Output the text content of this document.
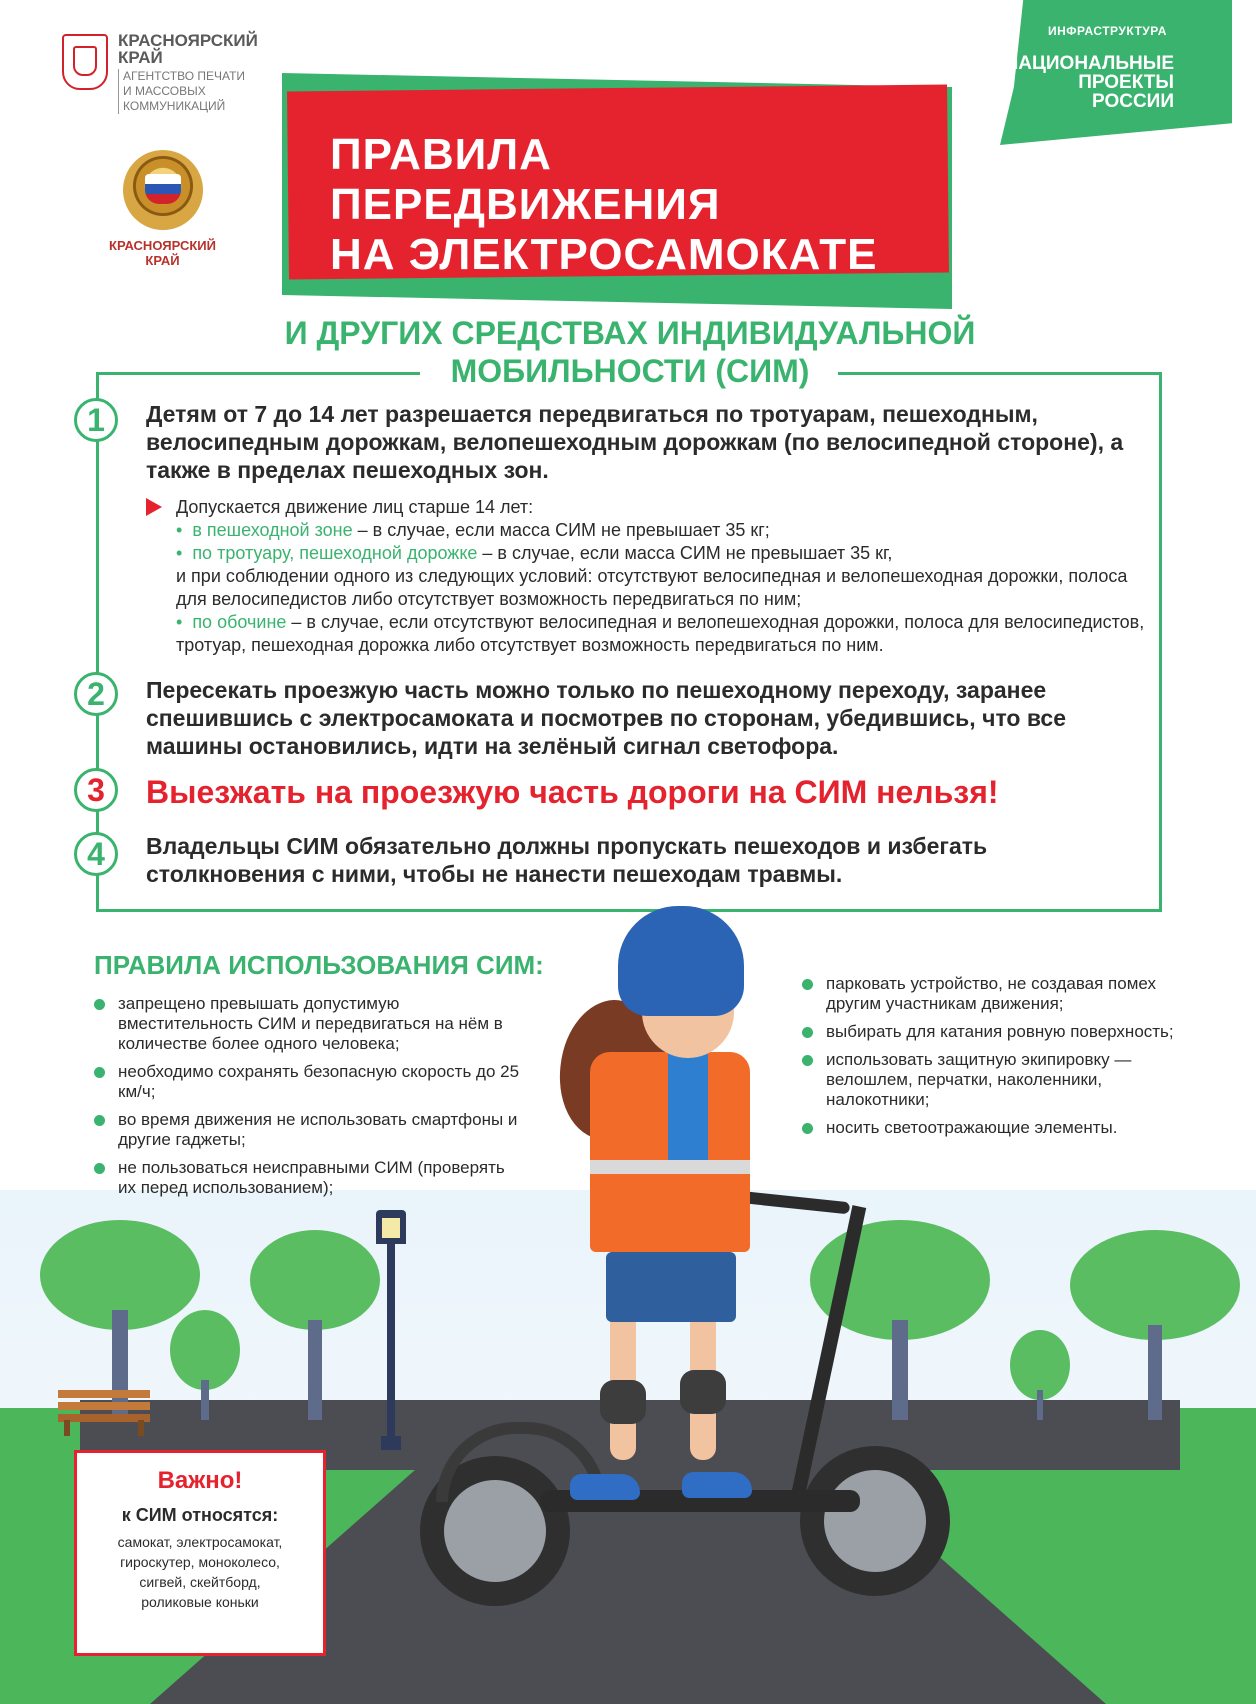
КРАСНОЯРСКИЙ
КРАЙ
АГЕНТСТВО ПЕЧАТИ
И МАССОВЫХ
КОММУНИКАЦИЙ
КРАСНОЯРСКИЙ
КРАЙ
ИНФРАСТРУКТУРА
НАЦИОНАЛЬНЫЕ
ПРОЕКТЫ
РОССИИ
ПРАВИЛА ПЕРЕДВИЖЕНИЯ
НА ЭЛЕКТРОСАМОКАТЕ
И ДРУГИХ СРЕДСТВАХ ИНДИВИДУАЛЬНОЙ
МОБИЛЬНОСТИ (СИМ)
1	Детям от 7 до 14 лет разрешается передвигаться по тротуарам, пешеходным, велосипедным дорожкам, велопешеходным дорожкам (по велосипедной стороне), а также в пределах пешеходных зон.
Допускается движение лиц старше 14 лет:
• в пешеходной зоне – в случае, если масса СИМ не превышает 35 кг;
• по тротуару, пешеходной дорожке – в случае, если масса СИМ не превышает 35 кг,
и при соблюдении одного из следующих условий: отсутствуют велосипедная и велопешеходная дорожки, полоса для велосипедистов либо отсутствует возможность передвигаться по ним;
• по обочине – в случае, если отсутствуют велосипедная и велопешеходная дорожки, полоса для велосипедистов, тротуар, пешеходная дорожка либо отсутствует возможность передвигаться по ним.
2	Пересекать проезжую часть можно только по пешеходному переходу, заранее спешившись с электросамоката и посмотрев по сторонам, убедившись, что все машины остановились, идти на зелёный сигнал светофора.
3	Выезжать на проезжую часть дороги на СИМ нельзя!
4	Владельцы СИМ обязательно должны пропускать пешеходов и избегать столкновения с ними, чтобы не нанести пешеходам травмы.
ПРАВИЛА ИСПОЛЬЗОВАНИЯ СИМ:
запрещено превышать допустимую вместительность СИМ и передвигаться на нём в количестве более одного человека;
необходимо сохранять безопасную скорость до 25 км/ч;
во время движения не использовать смартфоны и другие гаджеты;
не пользоваться неисправными СИМ (проверять их перед использованием);
парковать устройство, не создавая помех другим участникам движения;
выбирать для катания ровную поверхность;
использовать защитную экипировку — велошлем, перчатки, наколенники, налокотники;
носить светоотражающие элементы.
Важно!
к СИМ относятся:
самокат, электросамокат,
гироскутер, моноколесо,
сигвей, скейтборд,
роликовые коньки
